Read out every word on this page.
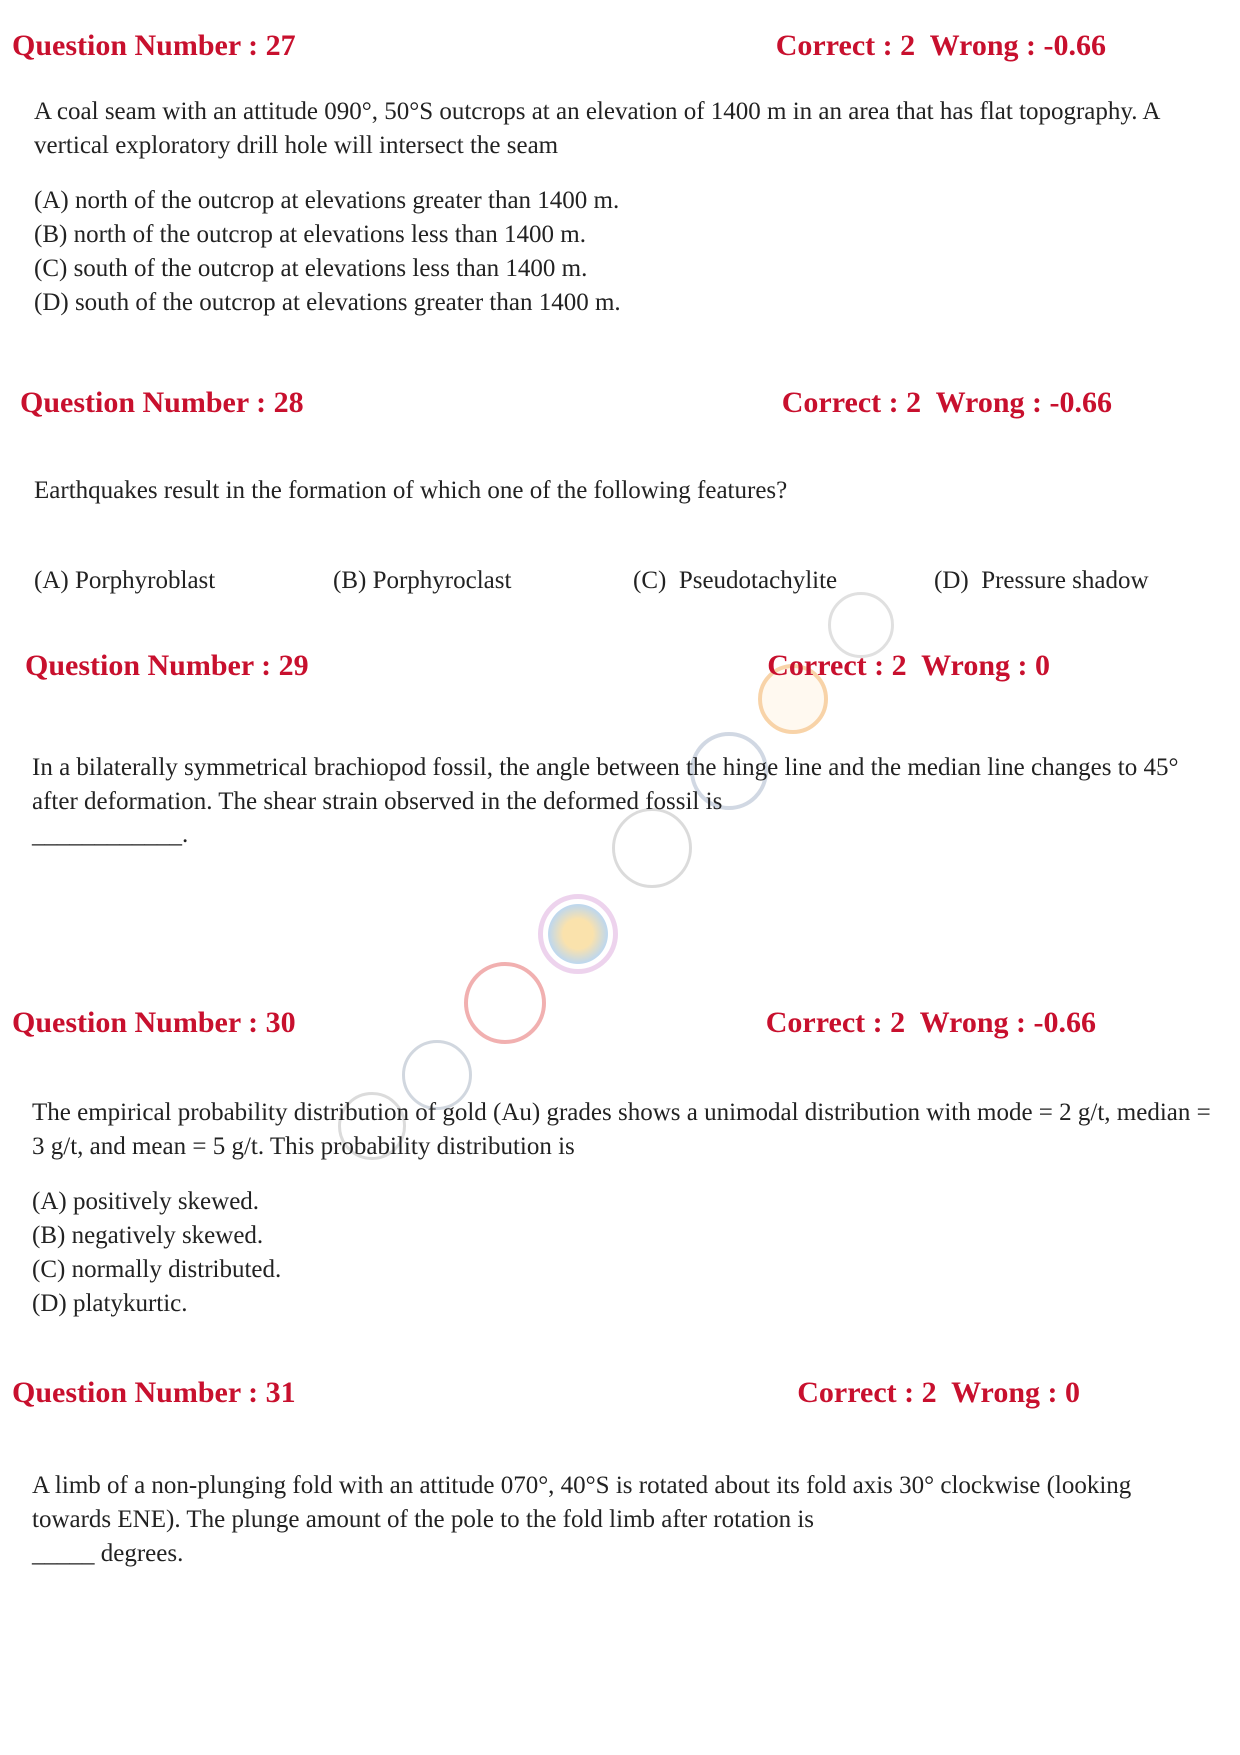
Question Number : 27	Correct : 2  Wrong : -0.66

A coal seam with an attitude 090°, 50°S outcrops at an elevation of 1400 m in an area that has flat topography. A vertical exploratory drill hole will intersect the seam

(A) north of the outcrop at elevations greater than 1400 m.
(B) north of the outcrop at elevations less than 1400 m.
(C) south of the outcrop at elevations less than 1400 m.
(D) south of the outcrop at elevations greater than 1400 m.
Question Number : 28	Correct : 2  Wrong : -0.66

Earthquakes result in the formation of which one of the following features?

(A) Porphyroblast	(B) Porphyroclast	(C)  Pseudotachylite	(D)  Pressure shadow
Question Number : 29	Correct : 2  Wrong : 0

In a bilaterally symmetrical brachiopod fossil, the angle between the hinge line and the median line changes to 45° after deformation. The shear strain observed in the deformed fossil is

____________.
Question Number : 30	Correct : 2  Wrong : -0.66

The empirical probability distribution of gold (Au) grades shows a unimodal distribution with mode = 2 g/t, median = 3 g/t, and mean = 5 g/t. This probability distribution is

(A) positively skewed.
(B) negatively skewed.
(C) normally distributed.
(D) platykurtic.
Question Number : 31	Correct : 2  Wrong : 0

A limb of a non-plunging fold with an attitude 070°, 40°S is rotated about its fold axis 30° clockwise (looking towards ENE). The plunge amount of the pole to the fold limb after rotation is

_____ degrees.
